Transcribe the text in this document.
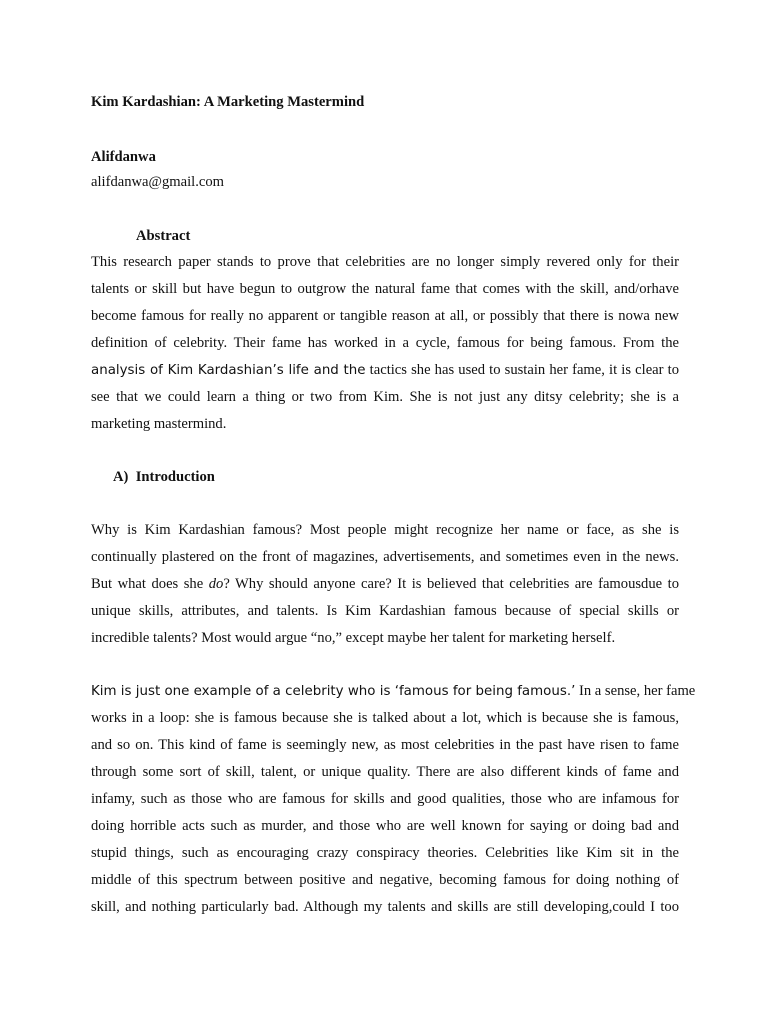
Kim Kardashian: A Marketing Mastermind
Alifdanwa
alifdanwa@gmail.com
Abstract
This research paper stands to prove that celebrities are no longer simply revered only for their
talents or skill but have begun to outgrow the natural fame that comes with the skill, and/orhave
become famous for really no apparent or tangible reason at all, or possibly that there is nowa new
definition of celebrity. Their fame has worked in a cycle, famous for being famous. From the
analysis of Kim Kardashian’s life and the tactics she has used to sustain her fame, it is clear to
see that we could learn a thing or two from Kim. She is not just any ditsy celebrity; she is a
marketing mastermind.
A) Introduction
Why is Kim Kardashian famous? Most people might recognize her name or face, as she is
continually plastered on the front of magazines, advertisements, and sometimes even in the news.
But what does she do? Why should anyone care? It is believed that celebrities are famousdue to
unique skills, attributes, and talents. Is Kim Kardashian famous because of special skills or
incredible talents? Most would argue “no,” except maybe her talent for marketing herself.
Kim is just one example of a celebrity who is ‘famous for being famous.’ In a sense, her fame
works in a loop: she is famous because she is talked about a lot, which is because she is famous,
and so on. This kind of fame is seemingly new, as most celebrities in the past have risen to fame
through some sort of skill, talent, or unique quality. There are also different kinds of fame and
infamy, such as those who are famous for skills and good qualities, those who are infamous for
doing horrible acts such as murder, and those who are well known for saying or doing bad and
stupid things, such as encouraging crazy conspiracy theories. Celebrities like Kim sit in the
middle of this spectrum between positive and negative, becoming famous for doing nothing of
skill, and nothing particularly bad. Although my talents and skills are still developing,could I too
